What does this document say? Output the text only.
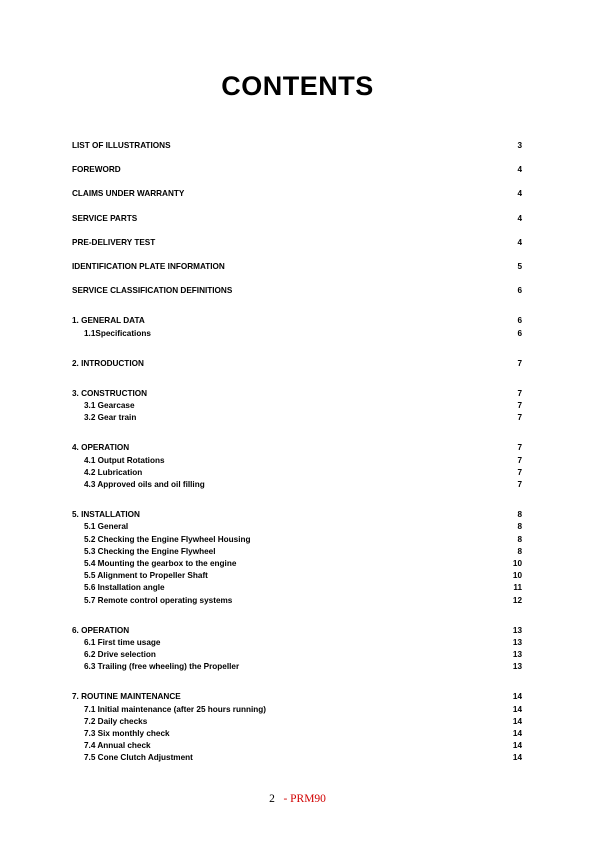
CONTENTS
LIST OF ILLUSTRATIONS	3
FOREWORD	4
CLAIMS UNDER WARRANTY	4
SERVICE PARTS	4
PRE-DELIVERY TEST	4
IDENTIFICATION PLATE INFORMATION	5
SERVICE CLASSIFICATION DEFINITIONS	6
1. GENERAL DATA	6
1.1Specifications	6
2. INTRODUCTION	7
3. CONSTRUCTION	7
3.1 Gearcase	7
3.2 Gear train	7
4. OPERATION	7
4.1 Output Rotations	7
4.2 Lubrication	7
4.3 Approved oils and oil filling	7
5. INSTALLATION	8
5.1 General	8
5.2 Checking the Engine Flywheel Housing	8
5.3 Checking the Engine Flywheel	8
5.4 Mounting the gearbox to the engine	10
5.5 Alignment to Propeller Shaft	10
5.6 Installation angle	11
5.7 Remote control operating systems	12
6. OPERATION	13
6.1 First time usage	13
6.2 Drive selection	13
6.3 Trailing (free wheeling) the Propeller	13
7. ROUTINE MAINTENANCE	14
7.1 Initial maintenance (after 25 hours running)	14
7.2 Daily checks	14
7.3 Six monthly check	14
7.4 Annual check	14
7.5 Cone Clutch Adjustment	14
2 - PRM90
